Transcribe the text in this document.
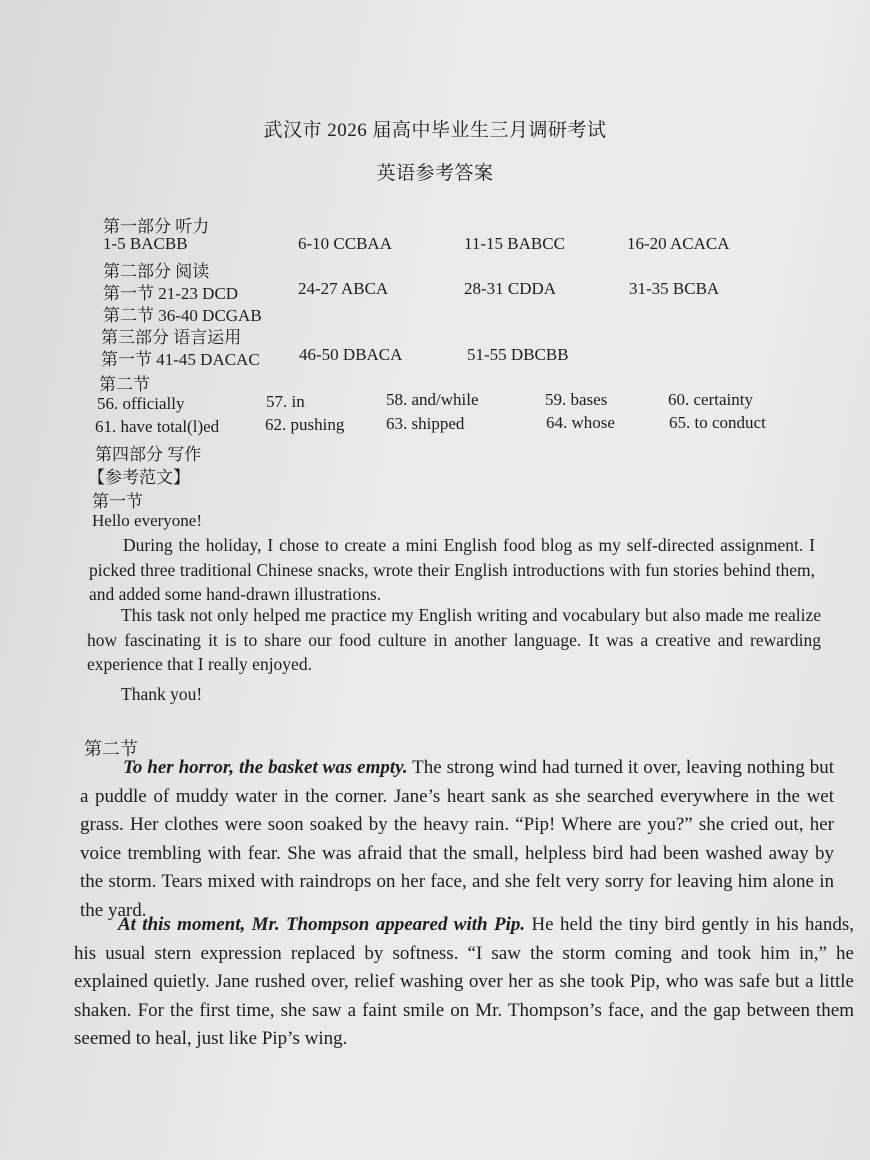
武汉市 2026 届高中毕业生三月调研考试
英语参考答案
第一部分 听力
1-5 BACBB	6-10 CCBAA	11-15 BABCC	16-20 ACACA
第二部分 阅读
第一节 21-23 DCD	24-27 ABCA	28-31 CDDA	31-35 BCBA
第二节 36-40 DCGAB
第三部分 语言运用
第一节 41-45 DACAC 46-50 DBACA	51-55 DBCBB
第二节
56. officially	57. in	58. and/while	59. bases	60. certainty
61. have total(l)ed	62. pushing 63. shipped	64. whose	65. to conduct
第四部分 写作
【参考范文】
第一节
Hello everyone!
During the holiday, I chose to create a mini English food blog as my self-directed assignment. I picked three traditional Chinese snacks, wrote their English introductions with fun stories behind them, and added some hand-drawn illustrations.
This task not only helped me practice my English writing and vocabulary but also made me realize how fascinating it is to share our food culture in another language. It was a creative and rewarding experience that I really enjoyed.
Thank you!
第二节
To her horror, the basket was empty. The strong wind had turned it over, leaving nothing but a puddle of muddy water in the corner. Jane’s heart sank as she searched everywhere in the wet grass. Her clothes were soon soaked by the heavy rain. “Pip! Where are you?” she cried out, her voice trembling with fear. She was afraid that the small, helpless bird had been washed away by the storm. Tears mixed with raindrops on her face, and she felt very sorry for leaving him alone in the yard.
At this moment, Mr. Thompson appeared with Pip. He held the tiny bird gently in his hands, his usual stern expression replaced by softness. “I saw the storm coming and took him in,” he explained quietly. Jane rushed over, relief washing over her as she took Pip, who was safe but a little shaken. For the first time, she saw a faint smile on Mr. Thompson’s face, and the gap between them seemed to heal, just like Pip’s wing.
